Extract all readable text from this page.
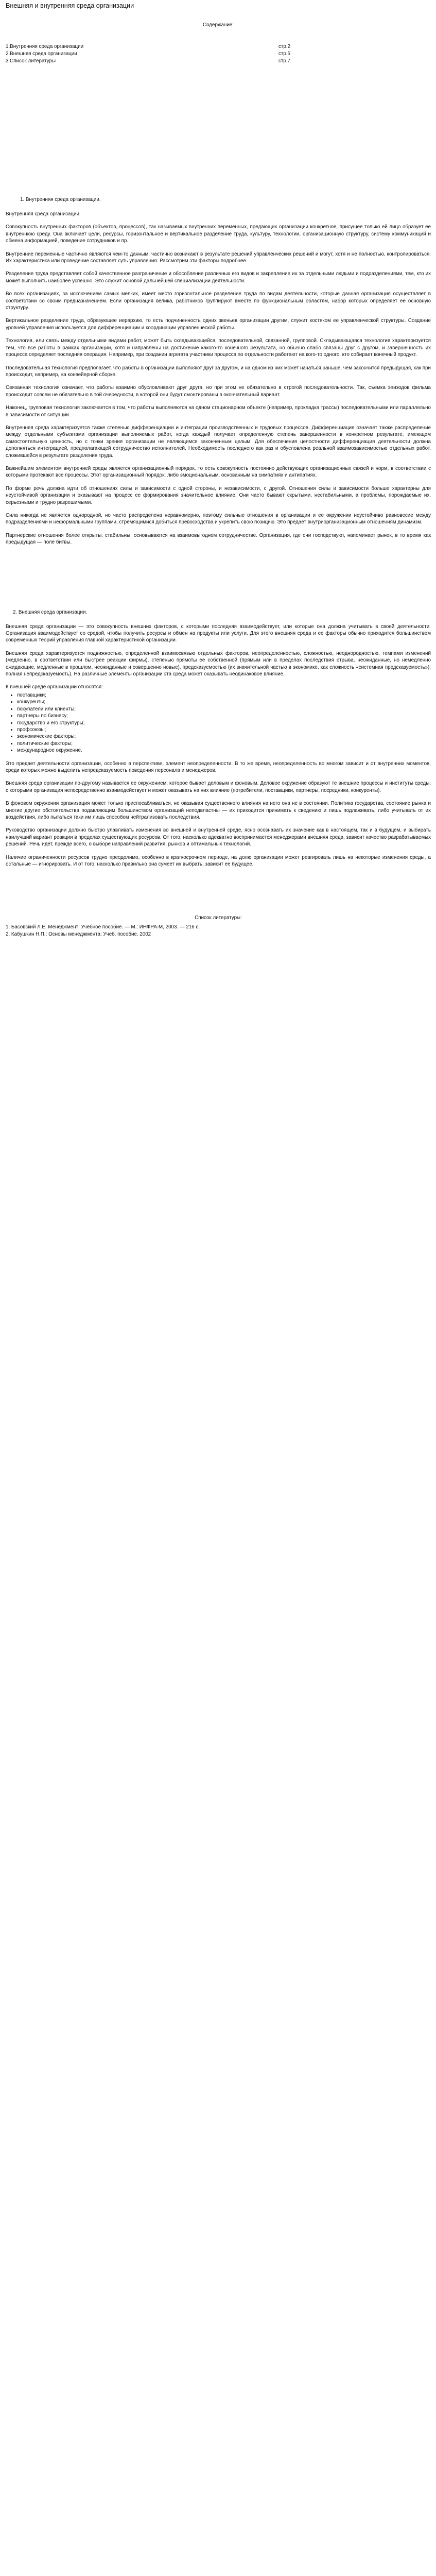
Внешняя и внутренняя среда организации
Содержание:
1.Внутренняя среда организации	стр.2
2.Внешняя среда организации	стр.5
3.Список литературы	стр.7
1. Внутренняя среда организации.

Внутренняя среда организации.

Совокупность внутренних факторов (объектов, процессов), так называемых внутренних переменных, предающих организации конкретное, присущее только ей лицо образует ее внутреннюю среду. Она включает цели, ресурсы, горизонтальное и вертикальное разделение труда, культуру, технологии, организационную структуру, систему коммуникаций и обмена информацией, поведение сотрудников и пр.

Внутренние переменные частично являются чем-то данным, частично возникают в результате решений управленческих решений и могут, хотя и не полностью, контролироваться. Их характеристика или проведение составляет суть управления. Рассмотрим эти факторы подробнее.

Разделение труда представляет собой качественное разграничение и обособление различных его видов и закрепление их за отдельными людьми и подразделениями, тем, кто их может выполнить наиболее успешно. Это служит основой дальнейшей специализации деятельности.

Во всех организациях, за исключением самых мелких, имеет место горизонтальное разделение труда по видам деятельности, которые данная организация осуществляет в соответствии со своим предназначением. Если организация велика, работников группируют вместе по функциональным областям, набор которых определяет ее основную структуру.

Вертикальное разделение труда, образующее иерархию, то есть подчиненность одних звеньев организации другим, служит костяком ее управленческой структуры. Создание уровней управления используется для дифференциации и координации управленческой работы.

Технология, или связь между отдельными видами работ, может быть складывающейся, последовательной, связанной, групповой. Складывающаяся технология характеризуется тем, что все работы в рамках организации, хотя и направлены на достижение какого-то конечного результата, но обычно слабо связаны друг с другом, и завершенность их процесса определяет последняя операция. Например, при создании агрегата участники процесса по отдельности работают на кого-то одного, кто собирает конечный продукт.

Последовательная технология предполагает, что работы в организации выполняют друг за другом, и на одном из них может начаться раньше, чем закончится предыдущая, как при происходит, например, на конвейерной сборке.

Связанная технология означает, что работы взаимно обусловливают друг друга, но при этом не обязательно в строгой последовательности. Так, съемка эпизодов фильма происходит совсем не обязательно в той очередности, в которой они будут смонтированы в окончательный вариант.

Наконец, групповая технология заключается в том, что работы выполняются на одном стационарном объекте (например, прокладка трассы) последовательными или параллельно в зависимости от ситуации.

Внутренняя среда характеризуется также степенью дифференциации и интеграции производственных и трудовых процессов. Дифференциация означает также распределение между отдельными субъектами организации выполняемых работ, когда каждый получает определенную степень завершенности в конкретном результате, имеющем самостоятельную ценность, но с точки зрения организации не являющимся законченным целым. Для обеспечения целостности дифференциация деятельности должна дополняться интеграцией, предполагающей сотрудничество исполнителей. Необходимость последнего как раз и обусловлена реальной взаимозависимостью отдельных работ, сложившейся в результате разделения труда.

Важнейшим элементом внутренней среды является организационный порядок, то есть совокупность постоянно действующих организационных связей и норм, в соответствии с которыми протекают все процессы. Этот организационный порядок, либо эмоциональным, основанным на симпатиях и антипатиях.

По форме речь должна идти об отношениях силы и зависимости с одной стороны, и независимости, с другой. Отношения силы и зависимости больше характерны для неустойчивой организации и оказывают на процесс ее формирования значительное влияние. Они часто бывают скрытыми, нестабильными, а проблемы, порождаемые их, серьезными и трудно разрешимыми.

Сила никогда не является однородной, но часто распределена неравномерно, поэтому сильные отношения в организации и ее окружении неустойчиво равновесие между подразделениями и неформальными группами, стремящимися добиться превосходства и укрепить свою позицию. Это предает внутриорганизационным отношениям динамизм.

Партнерские отношения более открыты, стабильны, основываются на взаимовыгодном сотрудничестве. Организация, где они господствуют, напоминает рынок, в то время как предыдущая — поле битвы.

2. Внешняя среда организации.

Внешняя среда организации — это совокупность внешних факторов, с которыми последняя взаимодействует, или которые она должна учитывать в своей деятельности. Организация взаимодействует со средой, чтобы получить ресурсы и обмен на продукты или услуги. Для этого внешняя среда и ее факторы обычно приходится большинством современных теорий управления главной характеристикой организации.

Внешняя среда характеризуется подвижностью, определенной взаимосвязью отдельных факторов, неопределенностью, сложностью, неоднородностью, темпами изменений (медленно, в соответствии или быстрее реакции фирмы), степенью прямоты ее собственной (прямым или в пределах последствия отрыва, неожиданные, но немедленно ожидающие, медленные в прошлом, неожиданные и совершенно новые), предсказуемостью (их значительной частью в экономике, как сложность «системная предсказуемость»); полная непредсказуемость). На различные элементы организации эта среда может оказывать неодинаковое влияние.

К внешней среде организации относятся:

• поставщики;
• конкуренты;
• покупатели или клиенты;
• партнеры по бизнесу;
• государство и его структуры;
• профсоюзы;
• экономические факторы;
• политические факторы;
• международное окружение.

Это предает деятельности организации, особенно в перспективе, элемент неопределенности. В то же время, неопределенность во многом зависит и от внутренних моментов, среди которых можно выделить непредсказуемость поведения персонала и менеджеров.

Внешняя среда организации по-другому называется ее окружением, которое бывает деловым и фоновым. Деловое окружение образуют те внешние процессы и институты среды, с которыми организация непосредственно взаимодействует и может оказывать на них влияние (потребители, поставщики, партнеры, посредники, конкуренты).

В фоновом окружении организация может только приспосабливаться, не оказывая существенного влияния на него она не в состоянии. Политика государства, состояние рынка и многие другие обстоятельства подавляющим большинством организаций неподвластны — их приходится принимать к сведению и лишь подлаживать, либо учитывать от их воздействия, либо пытаться таки им лишь способом нейтрализовать последствия.

Руководство организации должно быстро улавливать изменения во внешней и внутренней среде, ясно осознавать их значение как в настоящем, так и в будущем, и выбирать наилучший вариант реакции в пределах существующих ресурсов. От того, насколько адекватно воспринимается менеджерами внешняя среда, зависит качество разрабатываемых решений. Речь идет, прежде всего, о выборе направлений развития, рынков и оптимальных технологий.

Наличие ограниченности ресурсов трудно преодолимо, особенно в краткосрочном периоде, на долю организации может реагировать лишь на некоторые изменения среды, а остальные — игнорировать. И от того, насколько правильно она сумеет их выбрать, зависит ее будущее.

Список литературы:
1. Басовский Л.Е. Менеджмент: Учебное пособие. — М.: ИНФРА-М, 2003. — 216 с.
2. Кабушкин Н.П.: Основы менеджмента: Учеб. пособие. 2002
